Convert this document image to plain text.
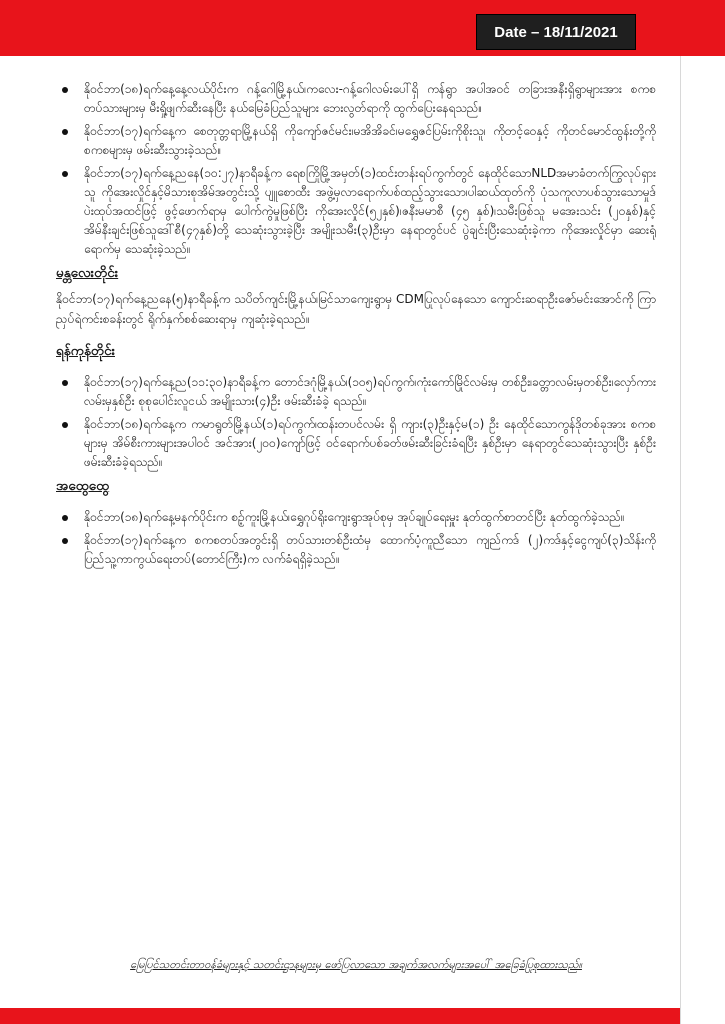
Date – 18/11/2021
နိုဝင်ဘာ(၁၈)ရက်နေ့နေ့လယ်ပိုင်းက ဂန့်ဂေါမြို့နယ်၊ကလေး-ဂန့်ဂေါလမ်းပေါ်ရှိ ကန်ရွာ အပါအဝင် တခြားအနီးရှိရွာများအား စကစတပ်သားများမှ မီးရှို့ဖျက်ဆီးနေပြီး နယ်မြေခံပြည်သူများ ဘေးလွတ်ရာကို ထွက်ပြေးနေရသည်။
နိုဝင်ဘာ(၁၇)ရက်နေ့က စေတုတ္တရာမြို့နယ်ရှိ ကိုကျော်ဇင်မင်း၊မအိအိခင်၊မရွှေဇင်ပြမ်းကိုစိုးသူ၊ ကိုတင့်ဝေနှင့် ကိုတင်မောင်ထွန်းတို့ကို စကစများမှ ဖမ်းဆီးသွားခဲ့သည်။
နိုဝင်ဘာ(၁၇)ရက်နေ့ညနေ(၁၀:၂၇)နာရီခန့်က ရေစကြိုမြို့အမှတ်(၁)ထင်းတန်းရပ်ကွက်တွင် နေထိုင်သောNLDအမာခံတက်ကြွလုပ်ရှားသူ ကိုအေးလှိုင်နှင့်မိသားစုအိမ်အတွင်းသို့ ပျူစောထီး အဖွဲ့မှလာရောက်ပစ်ထည့်သွားသော၊ပါဆယ်ထုတ်ကို ပုံသကူလာပစ်သွားသောမှုဒ်ပဲးထုပ်အထင်ဖြင့် ဖွင့်ဖောက်ရာမှ ပေါက်ကွဲမှုဖြစ်ပြီး ကိုအေးလှိုင်(၅၂နှစ်)၊ဇနီးမမာစီ (၄၅ နှစ်)၊သမီးဖြစ်သူ မအေးသင်း (၂၀နှစ်)နှင့်အိမ်နီးချင်းဖြစ်သူဒေါ်စီ(၄၇နှစ်)တို့ သေဆုံးသွားခဲ့ပြီး အမျိုးသမီး(၃)ဦးမှာ နေရာတွင်ပင် ပွဲချင်းပြီးသေဆုံးခဲ့ကာ ကိုအေးလှိုင်မှာ ဆေးရုံရောက်မှ သေဆုံးခဲ့သည်။
မန္တလေးတိုင်း

နိုဝင်ဘာ(၁၇)ရက်နေ့ညနေ(၅)နာရီခန့်က သပိတ်ကျင်းမြို့နယ်၊မြင်သာကျေးရွာမှ CDMပြုလုပ်နေသော ကျောင်းဆရာဦးဇော်မင်းအောင်ကို ကြာညှပ်ရဲကင်းစခန်းတွင် ရိုက်နှက်စစ်ဆေးရာမှ ကျဆုံးခဲ့ရသည်။

ရန်ကုန်တိုင်း
နိုဝင်ဘာ(၁၇)ရက်နေ့ည(၁၁:၃၀)နာရီခန့်က တောင်ဒဂုံမြို့နယ်၊(၁၀၅)ရပ်ကွက်၊ကုံးကော်မြိုင်လမ်းမှ တစ်ဦး၊ခတ္တာလမ်းမှတစ်ဦး၊လှော်ကားလမ်းမှနှစ်ဦး စုစုပေါင်းလူငယ် အမျိုးသား(၄)ဦး ဖမ်းဆီးခံခဲ့ ရသည်။
နိုဝင်ဘာ(၁၈)ရက်နေ့က ကမာရွတ်မြို့နယ်(၁)ရပ်ကွက်၊ထန်းတပင်လမ်း ရှိ ကျား(၃)ဦးနှင့်မ(၁) ဦး နေထိုင်သောကွန်ဒိုတစ်ခုအား စကစများမှ အိမ်စီးကားများအပါဝင် အင်အား(၂၀၀)ကျော်ဖြင့် ဝင်ရောက်ပစ်ခတ်ဖမ်းဆီးခြင်းခံရပြီး နှစ်ဦးမှာ နေရာတွင်သေဆုံးသွားပြီး နှစ်ဦးဖမ်းဆီးခံခဲ့ရသည်။
အထွေထွေ
နိုဝင်ဘာ(၁၈)ရက်နေ့မနက်ပိုင်းက စဉ့်ကူးမြို့နယ်၊ရွှေဂုပ်ရိုးကျေးရွာအုပ်စုမှ အုပ်ချုပ်ရေးမှူး နုတ်ထွက်စာတင်ပြီး နုတ်ထွက်ခဲ့သည်။
နိုဝင်ဘာ(၁၇)ရက်နေ့က စကစတပ်အတွင်းရှိ တပ်သားတစ်ဦးထံမှ ထောက်ပံ့ကူညီသော ကျည်ကဒ် (၂)ကဒ်နှင့်ငွေကျပ်(၃)သိန်းကို ပြည်သူ့ကာကွယ်ရေးတပ်(တောင်ကြီး)က လက်ခံရရှိခဲ့သည်။
မြေပြင်သတင်းတာဝန်ခံများနှင့် သတင်းဌာနများမှ ဖော်ပြလာသော အချက်အလက်များအပေါ် အခြေခံပြုစုထားသည်။
